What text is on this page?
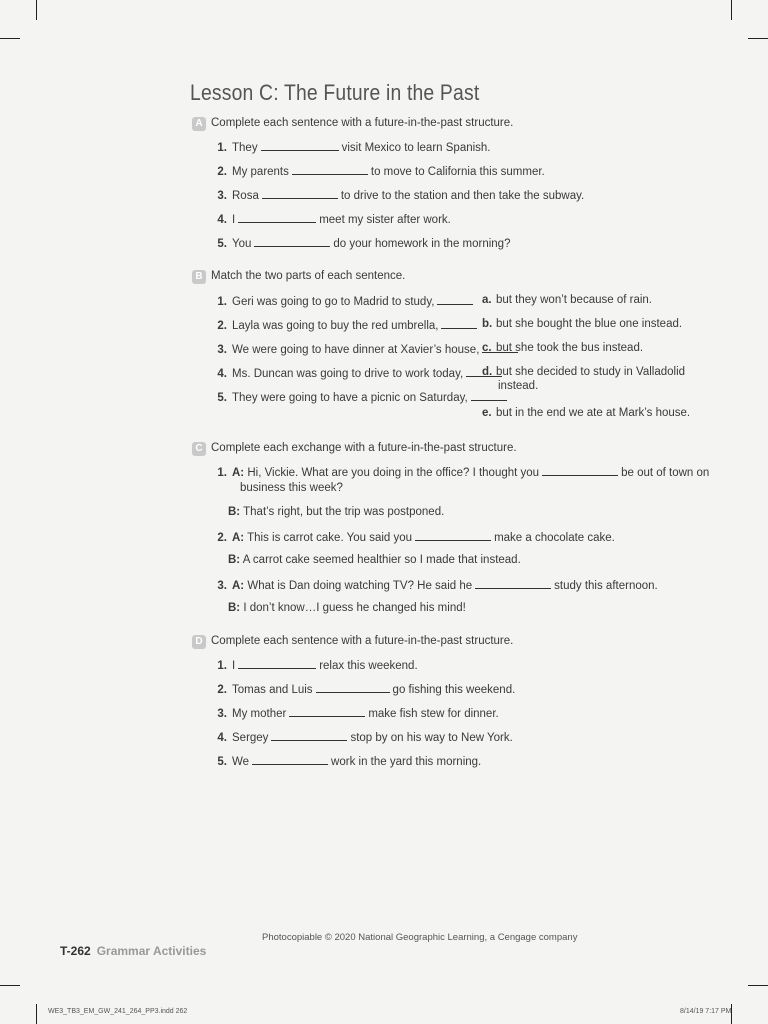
Lesson C: The Future in the Past
A Complete each sentence with a future-in-the-past structure.
1. They	visit Mexico to learn Spanish.
2. My parents	to move to California this summer.
3. Rosa	to drive to the station and then take the subway.
4. I	meet my sister after work.
5. You	do your homework in the morning?
B Match the two parts of each sentence.
1. Geri was going to go to Madrid to study,
2. Layla was going to buy the red umbrella,
3. We were going to have dinner at Xavier’s house,
4. Ms. Duncan was going to drive to work today,
5. They were going to have a picnic on Saturday,
a. but they won’t because of rain.
b. but she bought the blue one instead.
c. but she took the bus instead.
d. but she decided to study in Valladolid
instead.
e. but in the end we ate at Mark’s house.
C Complete each exchange with a future-in-the-past structure.
1. A: Hi, Vickie. What are you doing in the office? I thought you	be out of town on
business this week?
B: That’s right, but the trip was postponed.
2. A: This is carrot cake. You said you	make a chocolate cake.
B: A carrot cake seemed healthier so I made that instead.
3. A: What is Dan doing watching TV? He said he	study this afternoon.
B: I don’t know…I guess he changed his mind!
D Complete each sentence with a future-in-the-past structure.
1. I	relax this weekend.
2. Tomas and Luis	go fishing this weekend.
3. My mother	make fish stew for dinner.
4. Sergey	stop by on his way to New York.
5. We	work in the yard this morning.
Photocopiable © 2020 National Geographic Learning, a Cengage company
T-262 Grammar Activities
WE3_TB3_EM_GW_241_264_PP3.indd 262	8/14/19 7:17 PM
